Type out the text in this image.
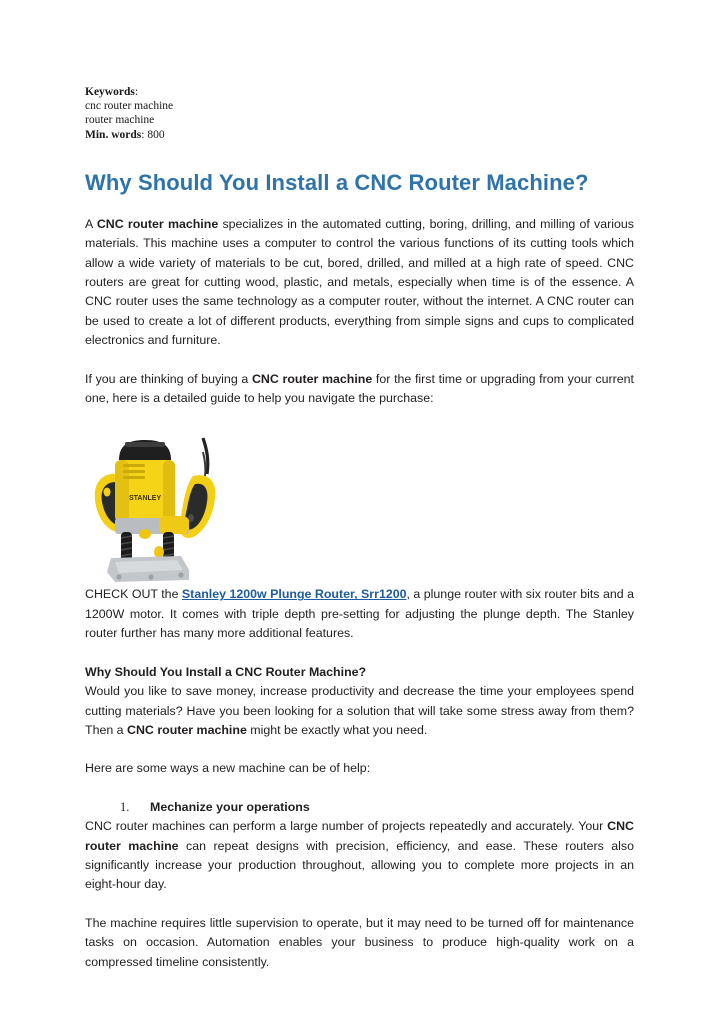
Keywords:
cnc router machine
router machine
Min. words: 800
Why Should You Install a CNC Router Machine?

A CNC router machine specializes in the automated cutting, boring, drilling, and milling of various materials. This machine uses a computer to control the various functions of its cutting tools which allow a wide variety of materials to be cut, bored, drilled, and milled at a high rate of speed. CNC routers are great for cutting wood, plastic, and metals, especially when time is of the essence. A CNC router uses the same technology as a computer router, without the internet. A CNC router can be used to create a lot of different products, everything from simple signs and cups to complicated electronics and furniture.

If you are thinking of buying a CNC router machine for the first time or upgrading from your current one, here is a detailed guide to help you navigate the purchase:

STANLEY

CHECK OUT the Stanley 1200w Plunge Router, Srr1200, a plunge router with six router bits and a 1200W motor. It comes with triple depth pre-setting for adjusting the plunge depth. The Stanley router further has many more additional features.

Why Should You Install a CNC Router Machine?

Would you like to save money, increase productivity and decrease the time your employees spend cutting materials? Have you been looking for a solution that will take some stress away from them? Then a CNC router machine might be exactly what you need.

Here are some ways a new machine can be of help:

1.	Mechanize your operations

CNC router machines can perform a large number of projects repeatedly and accurately. Your CNC router machine can repeat designs with precision, efficiency, and ease. These routers also significantly increase your production throughout, allowing you to complete more projects in an eight-hour day.

The machine requires little supervision to operate, but it may need to be turned off for maintenance tasks on occasion. Automation enables your business to produce high-quality work on a compressed timeline consistently.
